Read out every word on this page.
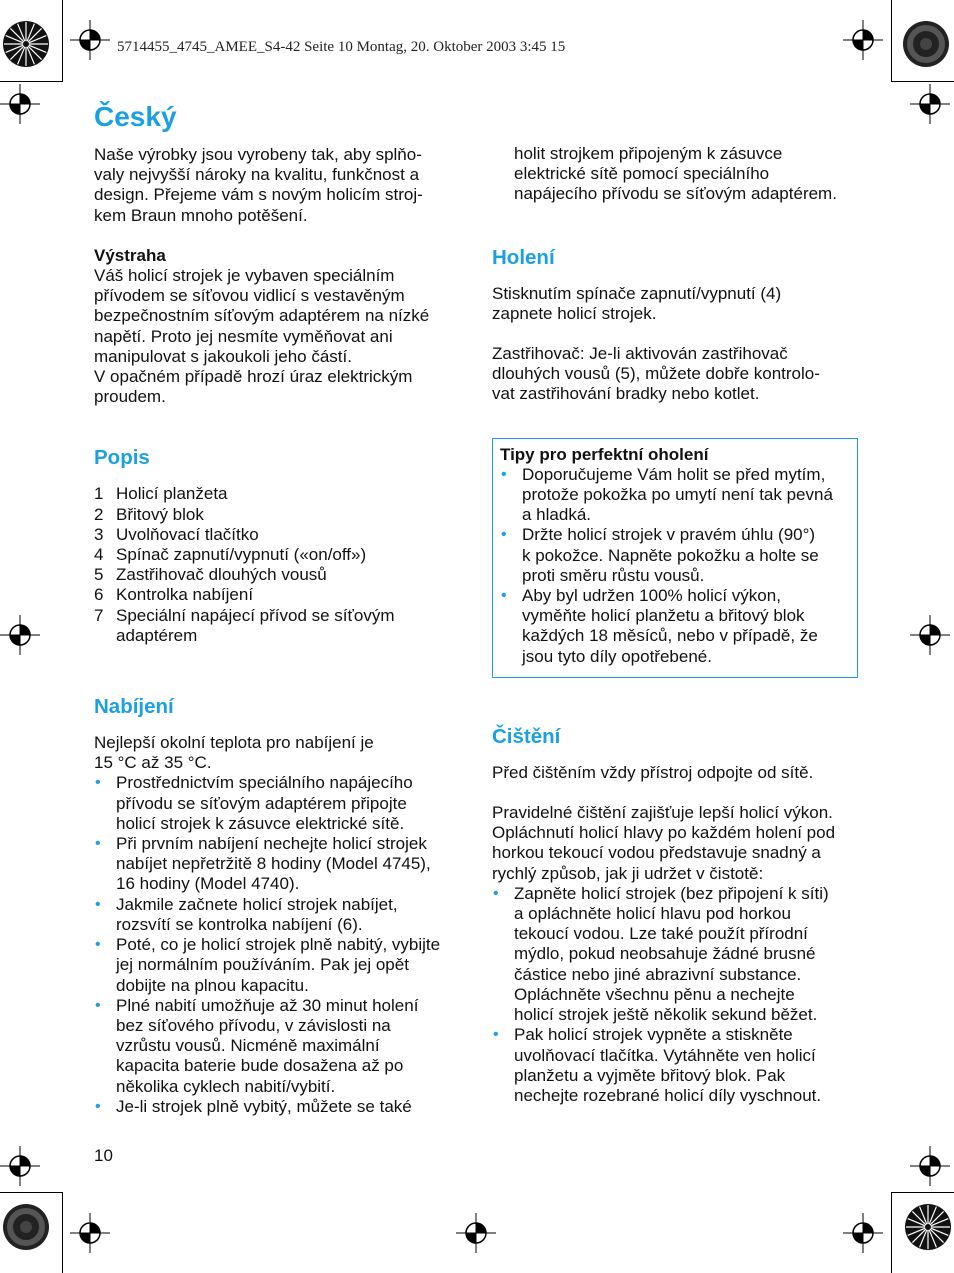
5714455_4745_AMEE_S4-42 Seite 10 Montag, 20. Oktober 2003 3:45 15
Český

Naše výrobky jsou vyrobeny tak, aby splňo-
valy nejvyšší nároky na kvalitu, funkčnost a
design. Přejeme vám s novým holicím stroj-
kem Braun mnoho potěšení.

Výstraha
Váš holicí strojek je vybaven speciálním
přívodem se síťovou vidlicí s vestavěným
bezpečnostním síťovým adaptérem na nízké
napětí. Proto jej nesmíte vyměňovat ani
manipulovat s jakoukoli jeho částí.
V opačném případě hrozí úraz elektrickým
proudem.

Popis
1 Holicí planžeta
2 Břitový blok
3 Uvolňovací tlačítko
4 Spínač zapnutí/vypnutí («on/off»)
5 Zastřihovač dlouhých vousů
6 Kontrolka nabíjení
7 Speciální napájecí přívod se síťovým
adaptérem
Nabíjení

Nejlepší okolní teplota pro nabíjení je
15 °C až 35 °C.

• Prostřednictvím speciálního napájecího
přívodu se síťovým adaptérem připojte
holicí strojek k zásuvce elektrické sítě.
• Při prvním nabíjení nechejte holicí strojek
nabíjet nepřetržitě 8 hodiny (Model 4745),
16 hodiny (Model 4740).
• Jakmile začnete holicí strojek nabíjet,
rozsvítí se kontrolka nabíjení (6).
• Poté, co je holicí strojek plně nabitý, vybijte
jej normálním používáním. Pak jej opět
dobijte na plnou kapacitu.
• Plné nabití umožňuje až 30 minut holení
bez síťového přívodu, v závislosti na
vzrůstu vousů. Nicméně maximální
kapacita baterie bude dosažena až po
několika cyklech nabití/vybití.
• Je-li strojek plně vybitý, můžete se také

holit strojkem připojeným k zásuvce
elektrické sítě pomocí speciálního
napájecího přívodu se síťovým adaptérem.

Holení

Stisknutím spínače zapnutí/vypnutí (4)
zapnete holicí strojek.

Zastřihovač: Je-li aktivován zastřihovač
dlouhých vousů (5), můžete dobře kontrolo-
vat zastřihování bradky nebo kotlet.

Tipy pro perfektní oholení
• Doporučujeme Vám holit se před mytím,
protože pokožka po umytí není tak pevná
a hladká.
• Držte holicí strojek v pravém úhlu (90°)
k pokožce. Napněte pokožku a holte se
proti směru růstu vousů.
• Aby byl udržen 100% holicí výkon,
vyměňte holicí planžetu a břitový blok
každých 18 měsíců, nebo v případě, že
jsou tyto díly opotřebené.
Čištění

Před čištěním vždy přístroj odpojte od sítě.

Pravidelné čištění zajišťuje lepší holicí výkon.
Opláchnutí holicí hlavy po každém holení pod
horkou tekoucí vodou představuje snadný a
rychlý způsob, jak ji udržet v čistotě:

• Zapněte holicí strojek (bez připojení k síti)
a opláchněte holicí hlavu pod horkou
tekoucí vodou. Lze také použít přírodní
mýdlo, pokud neobsahuje žádné brusné
částice nebo jiné abrazivní substance.
Opláchněte všechnu pěnu a nechejte
holicí strojek ještě několik sekund běžet.
• Pak holicí strojek vypněte a stiskněte
uvolňovací tlačítka. Vytáhněte ven holicí
planžetu a vyjměte břitový blok. Pak
nechejte rozebrané holicí díly vyschnout.
10
